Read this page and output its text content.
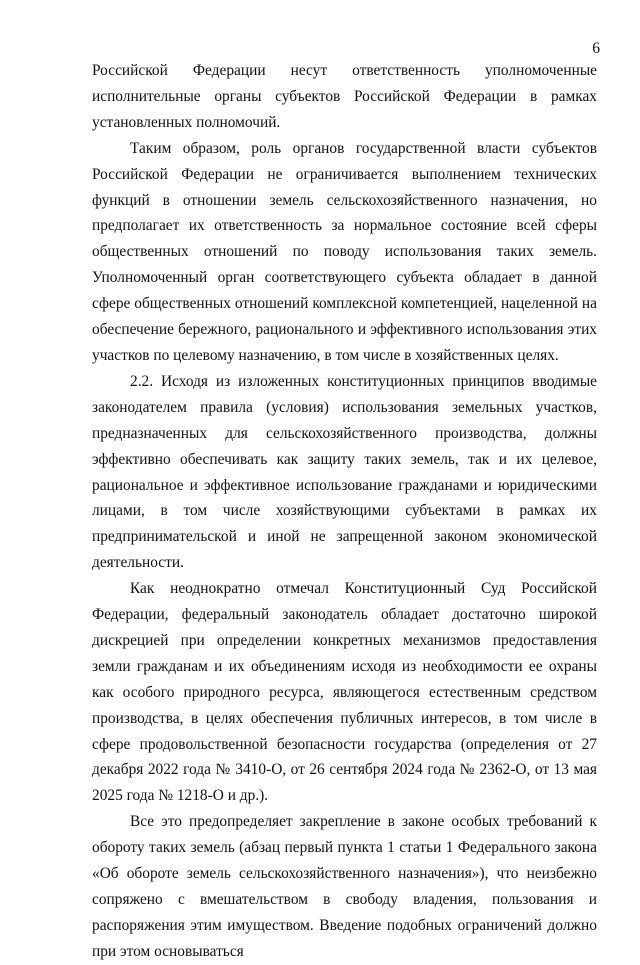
6

Российской Федерации несут ответственность уполномоченные исполнительные органы субъектов Российской Федерации в рамках установленных полномочий.

Таким образом, роль органов государственной власти субъектов Российской Федерации не ограничивается выполнением технических функций в отношении земель сельскохозяйственного назначения, но предполагает их ответственность за нормальное состояние всей сферы общественных отношений по поводу использования таких земель. Уполномоченный орган соответствующего субъекта обладает в данной сфере общественных отношений комплексной компетенцией, нацеленной на обеспечение бережного, рационального и эффективного использования этих участков по целевому назначению, в том числе в хозяйственных целях.

2.2. Исходя из изложенных конституционных принципов вводимые законодателем правила (условия) использования земельных участков, предназначенных для сельскохозяйственного производства, должны эффективно обеспечивать как защиту таких земель, так и их целевое, рациональное и эффективное использование гражданами и юридическими лицами, в том числе хозяйствующими субъектами в рамках их предпринимательской и иной не запрещенной законом экономической деятельности.

Как неоднократно отмечал Конституционный Суд Российской Федерации, федеральный законодатель обладает достаточно широкой дискрецией при определении конкретных механизмов предоставления земли гражданам и их объединениям исходя из необходимости ее охраны как особого природного ресурса, являющегося естественным средством производства, в целях обеспечения публичных интересов, в том числе в сфере продовольственной безопасности государства (определения от 27 декабря 2022 года № 3410-О, от 26 сентября 2024 года № 2362-О, от 13 мая 2025 года № 1218-О и др.).

Все это предопределяет закрепление в законе особых требований к обороту таких земель (абзац первый пункта 1 статьи 1 Федерального закона «Об обороте земель сельскохозяйственного назначения»), что неизбежно сопряжено с вмешательством в свободу владения, пользования и распоряжения этим имуществом. Введение подобных ограничений должно при этом основываться
